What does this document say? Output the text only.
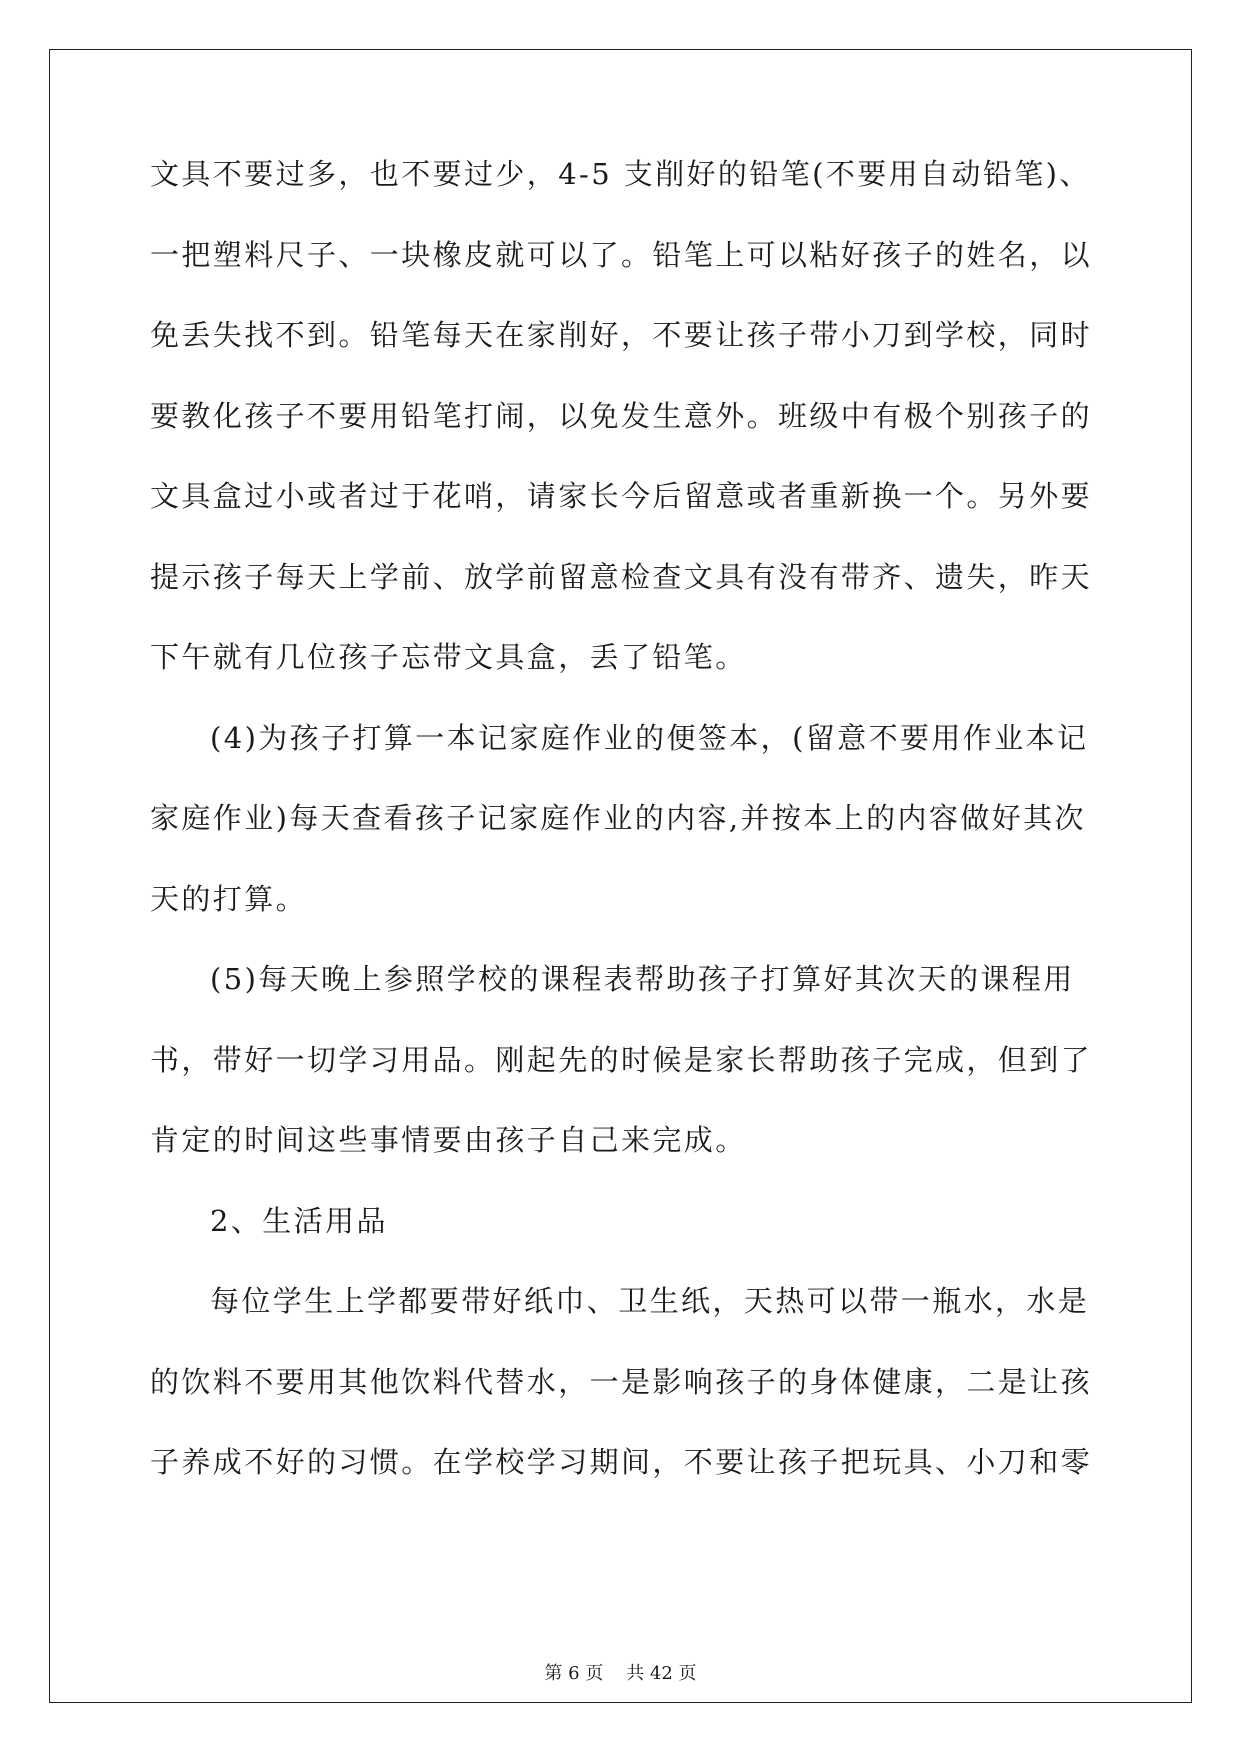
文具不要过多，也不要过少，4-5 支削好的铅笔(不要用自动铅笔)、
一把塑料尺子、一块橡皮就可以了。铅笔上可以粘好孩子的姓名，以
免丢失找不到。铅笔每天在家削好，不要让孩子带小刀到学校，同时
要教化孩子不要用铅笔打闹，以免发生意外。班级中有极个别孩子的
文具盒过小或者过于花哨，请家长今后留意或者重新换一个。另外要
提示孩子每天上学前、放学前留意检查文具有没有带齐、遗失，昨天
下午就有几位孩子忘带文具盒，丢了铅笔。
(4)为孩子打算一本记家庭作业的便签本，(留意不要用作业本记
家庭作业)每天查看孩子记家庭作业的内容,并按本上的内容做好其次
天的打算。
(5)每天晚上参照学校的课程表帮助孩子打算好其次天的课程用
书，带好一切学习用品。刚起先的时候是家长帮助孩子完成，但到了
肯定的时间这些事情要由孩子自己来完成。
2、生活用品
每位学生上学都要带好纸巾、卫生纸，天热可以带一瓶水，水是
的饮料不要用其他饮料代替水，一是影响孩子的身体健康，二是让孩
子养成不好的习惯。在学校学习期间，不要让孩子把玩具、小刀和零
第 6 页    共 42 页
